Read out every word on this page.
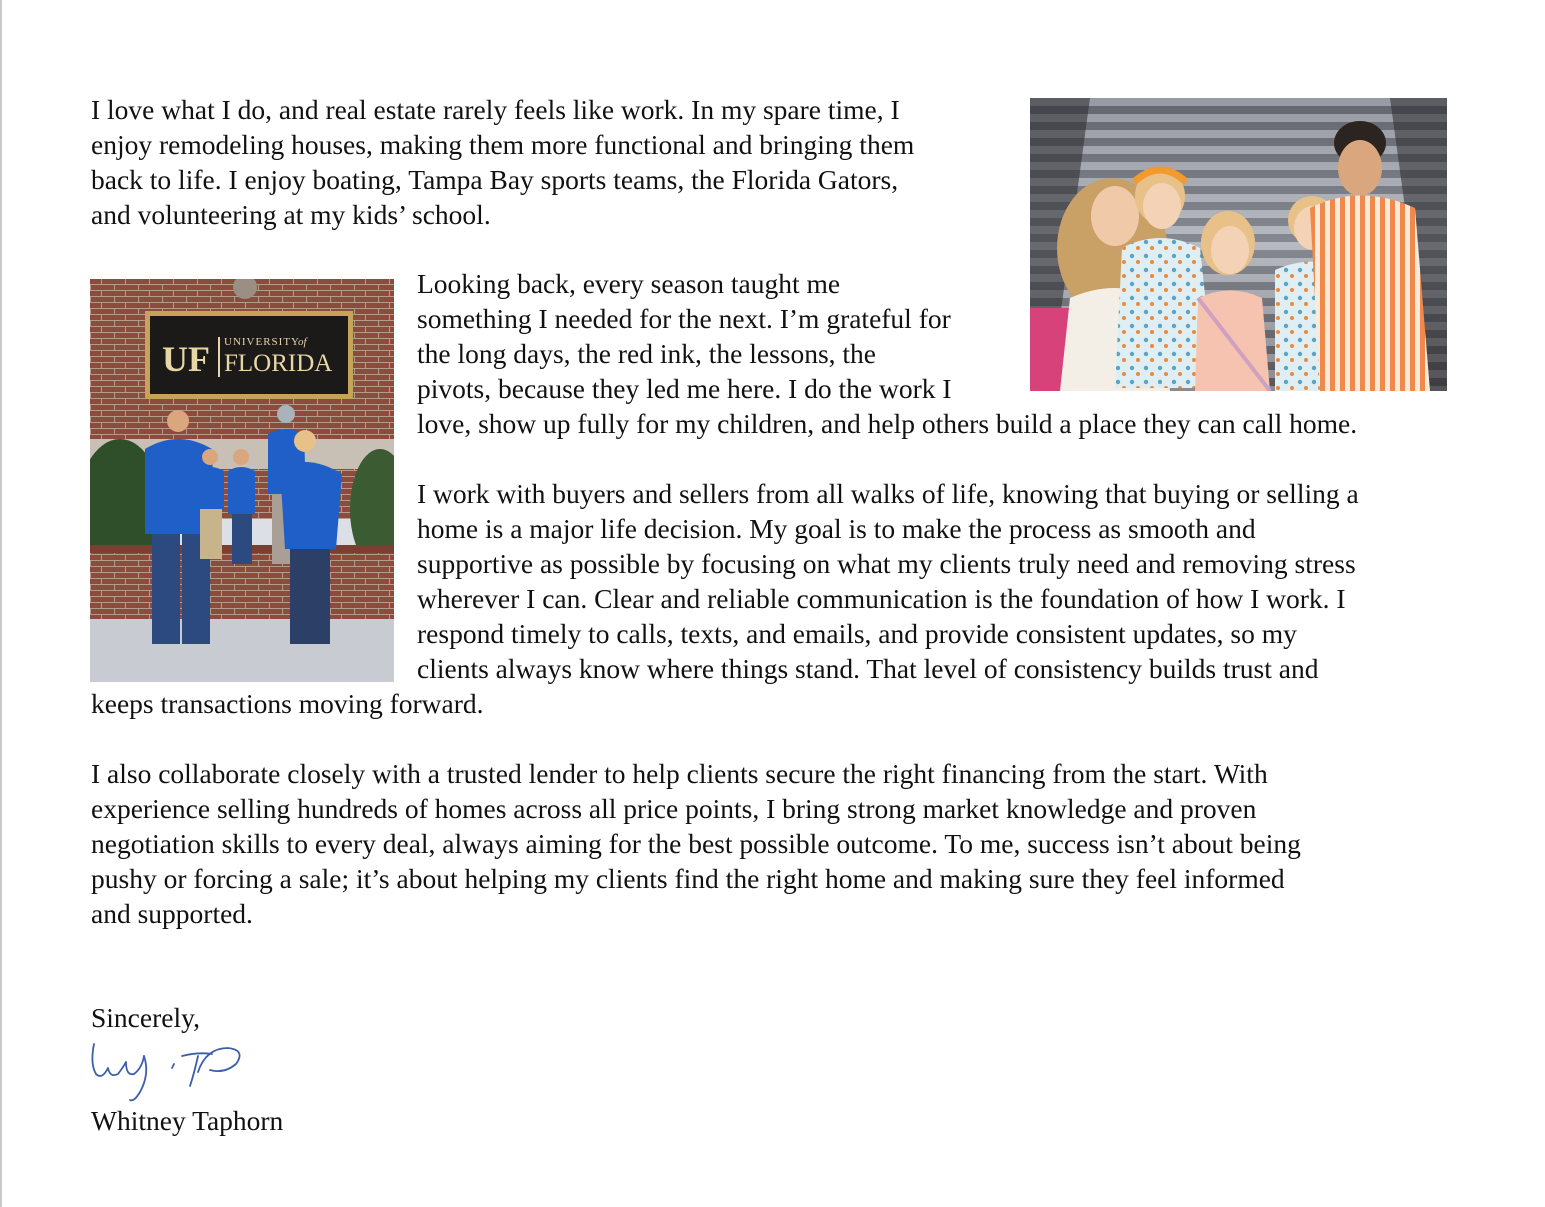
I love what I do, and real estate rarely feels like work. In my spare time, I
enjoy remodeling houses, making them more functional and bringing them
back to life. I enjoy boating, Tampa Bay sports teams, the Florida Gators,
and volunteering at my kids’ school.

UF UNIVERSITY
of
FLORIDA

Looking back, every season taught me
something I needed for the next. I’m grateful for
the long days, the red ink, the lessons, the
pivots, because they led me here. I do the work I
love, show up fully for my children, and help others build a place they can call home.

I work with buyers and sellers from all walks of life, knowing that buying or selling a
home is a major life decision. My goal is to make the process as smooth and
supportive as possible by focusing on what my clients truly need and removing stress
wherever I can. Clear and reliable communication is the foundation of how I work. I
respond timely to calls, texts, and emails, and provide consistent updates, so my
clients always know where things stand. That level of consistency builds trust and

keeps transactions moving forward.

I also collaborate closely with a trusted lender to help clients secure the right financing from the start. With
experience selling hundreds of homes across all price points, I bring strong market knowledge and proven
negotiation skills to every deal, always aiming for the best possible outcome. To me, success isn’t about being
pushy or forcing a sale; it’s about helping my clients find the right home and making sure they feel informed
and supported.

Sincerely,

Whitney Taphorn
